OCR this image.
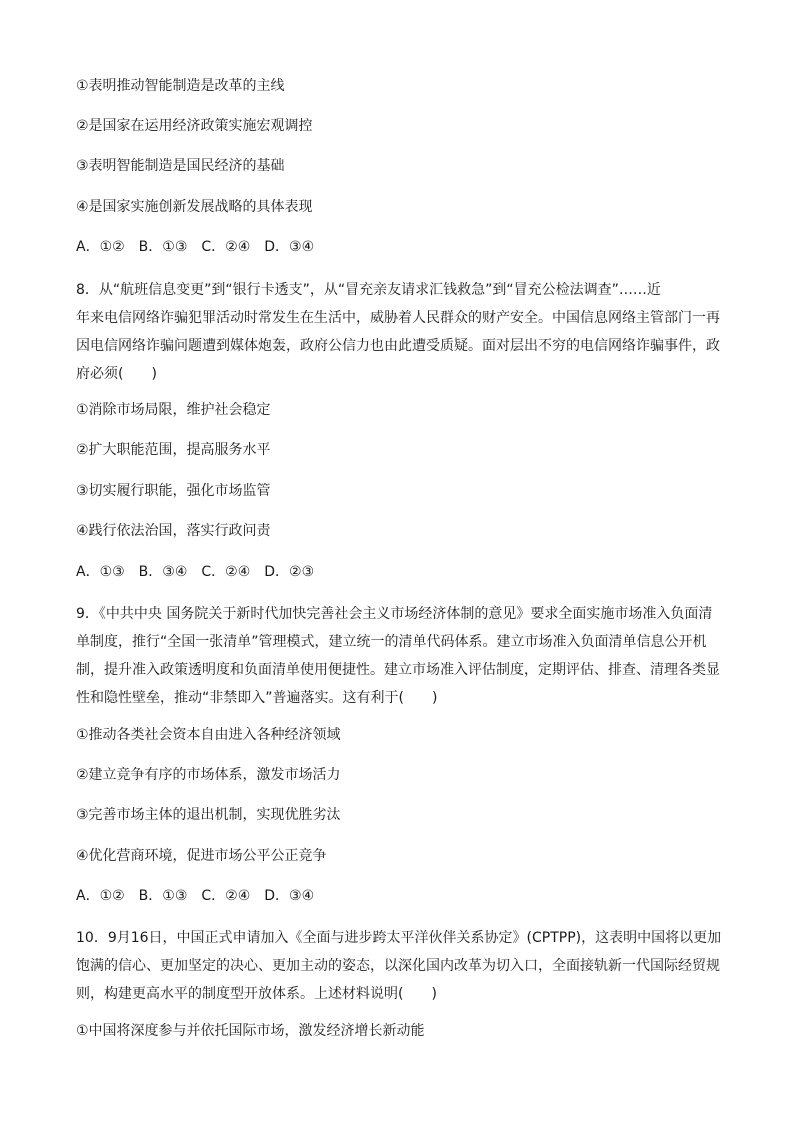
①表明推动智能制造是改革的主线
②是国家在运用经济政策实施宏观调控
③表明智能制造是国民经济的基础
④是国家实施创新发展战略的具体表现
A．①②　B．①③　C．②④　D．③④
8．从“航班信息变更”到“银行卡透支”，从“冒充亲友请求汇钱救急”到“冒充公检法调查”……近
年来电信网络诈骗犯罪活动时常发生在生活中，威胁着人民群众的财产安全。中国信息网络主管部门一再
因电信网络诈骗问题遭到媒体炮轰，政府公信力也由此遭受质疑。面对层出不穷的电信网络诈骗事件，政
府必须(　　)
①消除市场局限，维护社会稳定
②扩大职能范围，提高服务水平
③切实履行职能，强化市场监管
④践行依法治国，落实行政问责
A．①③　B．③④　C．②④　D．②③
9．《中共中央 国务院关于新时代加快完善社会主义市场经济体制的意见》要求全面实施市场准入负面清
单制度，推行“全国一张清单”管理模式，建立统一的清单代码体系。建立市场准入负面清单信息公开机
制，提升准入政策透明度和负面清单使用便捷性。建立市场准入评估制度，定期评估、排查、清理各类显
性和隐性壁垒，推动“非禁即入”普遍落实。这有利于(　　)
①推动各类社会资本自由进入各种经济领域
②建立竞争有序的市场体系，激发市场活力
③完善市场主体的退出机制，实现优胜劣汰
④优化营商环境，促进市场公平公正竞争
A．①②　B．①③　C．②④　D．③④
10．9月16日，中国正式申请加入《全面与进步跨太平洋伙伴关系协定》(CPTPP)，这表明中国将以更加
饱满的信心、更加坚定的决心、更加主动的姿态，以深化国内改革为切入口，全面接轨新一代国际经贸规
则，构建更高水平的制度型开放体系。上述材料说明(　　)
①中国将深度参与并依托国际市场，激发经济增长新动能
